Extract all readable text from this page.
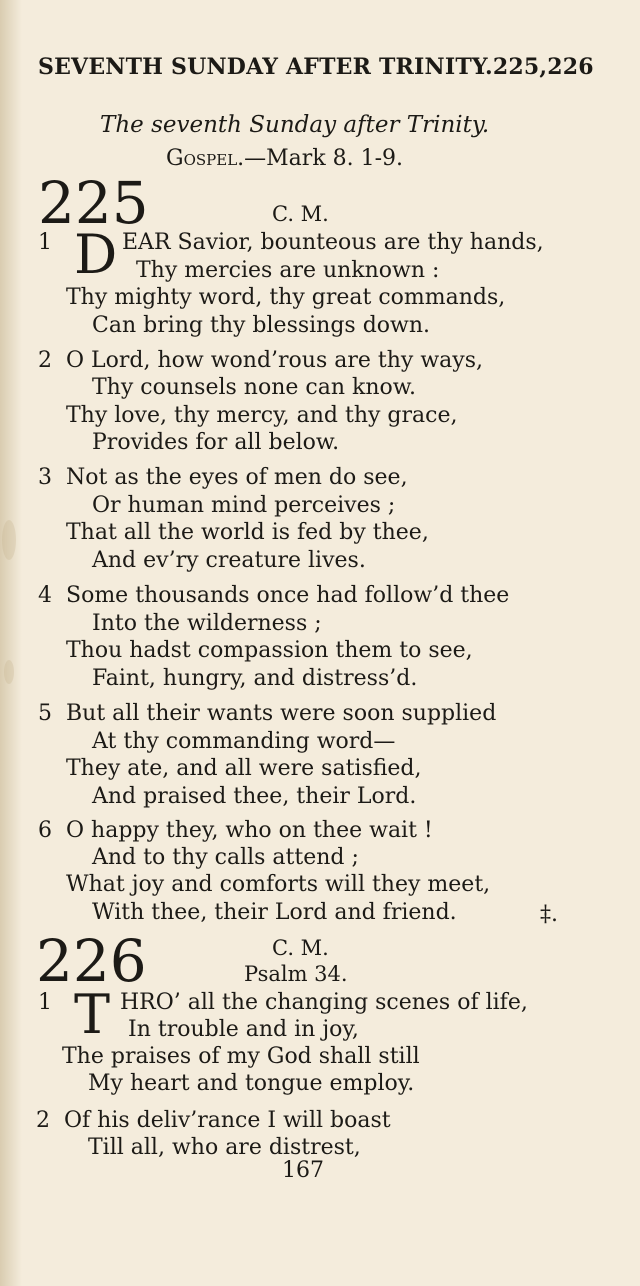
SEVENTH SUNDAY AFTER TRINITY.225,226
The seventh Sunday after Trinity.
Gospel.—Mark 8. 1-9.
225	C. M.
1 D EAR Savior, bounteous are thy hands,
Thy mercies are unknown :
Thy mighty word, thy great commands,
Can bring thy blessings down.
2 O Lord, how wond’rous are thy ways,
Thy counsels none can know.
Thy love, thy mercy, and thy grace,
Provides for all below.
3 Not as the eyes of men do see,
Or human mind perceives ;
That all the world is fed by thee,
And ev’ry creature lives.
4 Some thousands once had follow’d thee
Into the wilderness ;
Thou hadst compassion them to see,
Faint, hungry, and distress’d.
5 But all their wants were soon supplied
At thy commanding word—
They ate, and all were satisfied,
And praised thee, their Lord.
6 O happy they, who on thee wait !
And to thy calls attend ;
What joy and comforts will they meet,
With thee, their Lord and friend.	‡.
226	C. M.
Psalm 34.
1 T HRO’ all the changing scenes of life,
In trouble and in joy,
The praises of my God shall still
My heart and tongue employ.
2 Of his deliv’rance I will boast
Till all, who are distrest,
167
